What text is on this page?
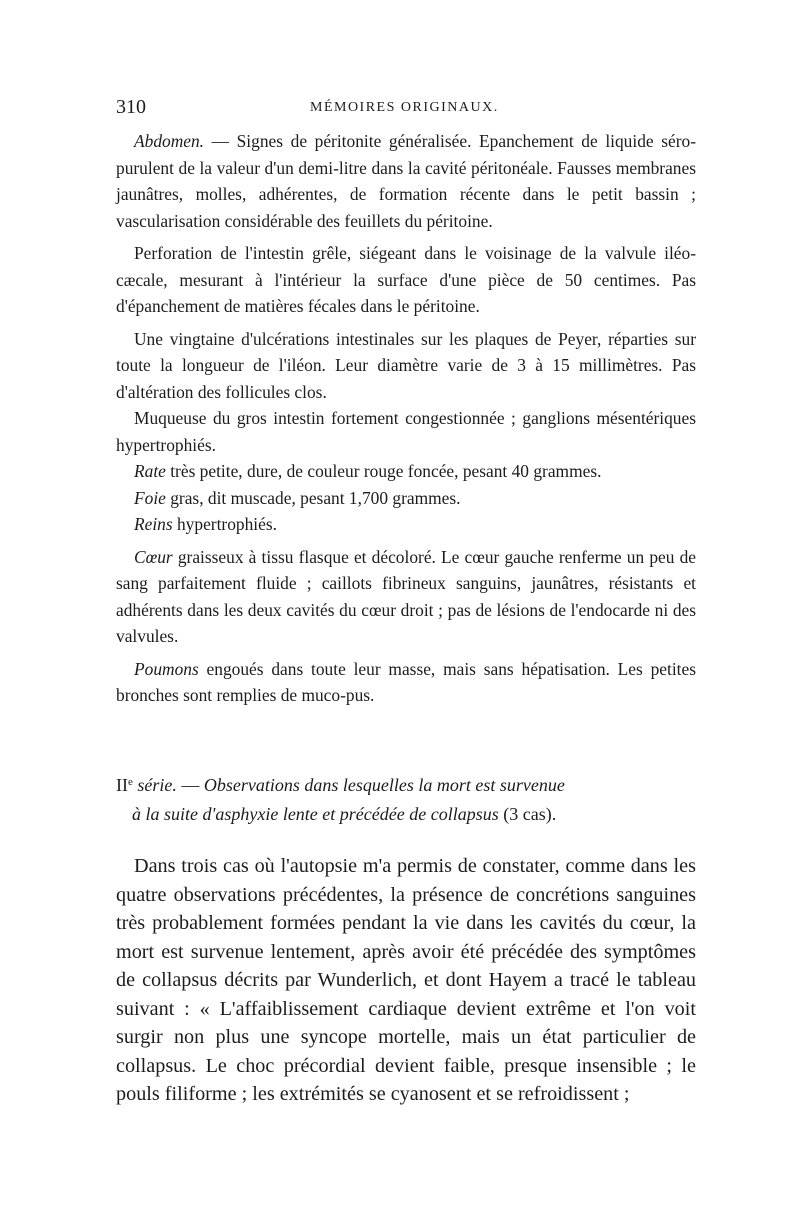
310	MÉMOIRES ORIGINAUX.

Abdomen. — Signes de péritonite généralisée. Epanchement de liquide séro-purulent de la valeur d'un demi-litre dans la cavité péritonéale. Fausses membranes jaunâtres, molles, adhérentes, de formation récente dans le petit bassin ; vascularisation considérable des feuillets du péritoine.

Perforation de l'intestin grêle, siégeant dans le voisinage de la valvule iléo-cæcale, mesurant à l'intérieur la surface d'une pièce de 50 centimes. Pas d'épanchement de matières fécales dans le péritoine.

Une vingtaine d'ulcérations intestinales sur les plaques de Peyer, réparties sur toute la longueur de l'iléon. Leur diamètre varie de 3 à 15 millimètres. Pas d'altération des follicules clos.

Muqueuse du gros intestin fortement congestionnée ; ganglions mésentériques hypertrophiés.

Rate très petite, dure, de couleur rouge foncée, pesant 40 grammes.

Foie gras, dit muscade, pesant 1,700 grammes.

Reins hypertrophiés.

Cœur graisseux à tissu flasque et décoloré. Le cœur gauche renferme un peu de sang parfaitement fluide ; caillots fibrineux sanguins, jaunâtres, résistants et adhérents dans les deux cavités du cœur droit ; pas de lésions de l'endocarde ni des valvules.

Poumons engoués dans toute leur masse, mais sans hépatisation. Les petites bronches sont remplies de muco-pus.

IIe série. — Observations dans lesquelles la mort est survenue
à la suite d'asphyxie lente et précédée de collapsus (3 cas).

Dans trois cas où l'autopsie m'a permis de constater, comme dans les quatre observations précédentes, la présence de concrétions sanguines très probablement formées pendant la vie dans les cavités du cœur, la mort est survenue lentement, après avoir été précédée des symptômes de collapsus décrits par Wunderlich, et dont Hayem a tracé le tableau suivant : « L'affaiblissement cardiaque devient extrême et l'on voit surgir non plus une syncope mortelle, mais un état particulier de collapsus. Le choc précordial devient faible, presque insensible ; le pouls filiforme ; les extrémités se cyanosent et se refroidissent ;
